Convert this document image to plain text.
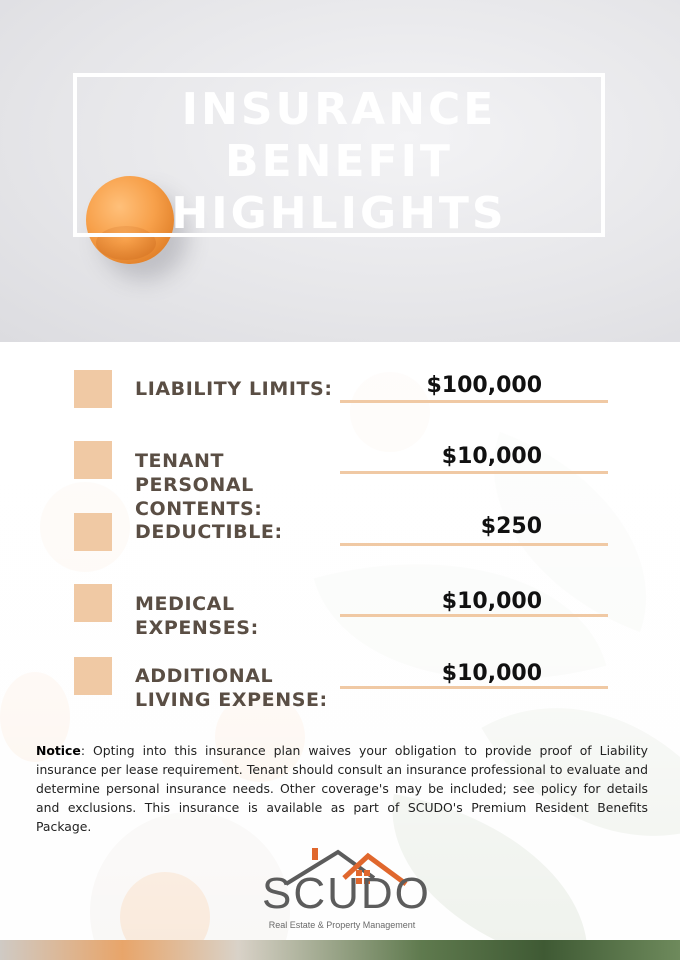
INSURANCE
BENEFIT
HIGHLIGHTS
LIABILITY LIMITS:	$100,000
TENANT PERSONAL CONTENTS:
$10,000
DEDUCTIBLE:	$250
MEDICAL EXPENSES:
$10,000
ADDITIONAL LIVING EXPENSE:
$10,000

Notice: Opting into this insurance plan waives your obligation to provide proof of Liability insurance per lease requirement. Tenant should consult an insurance professional to evaluate and determine personal insurance needs. Other coverage's may be included; see policy for details and exclusions. This insurance is available as part of SCUDO's Premium Resident Benefits Package.

SCUDO
Real Estate & Property Management
